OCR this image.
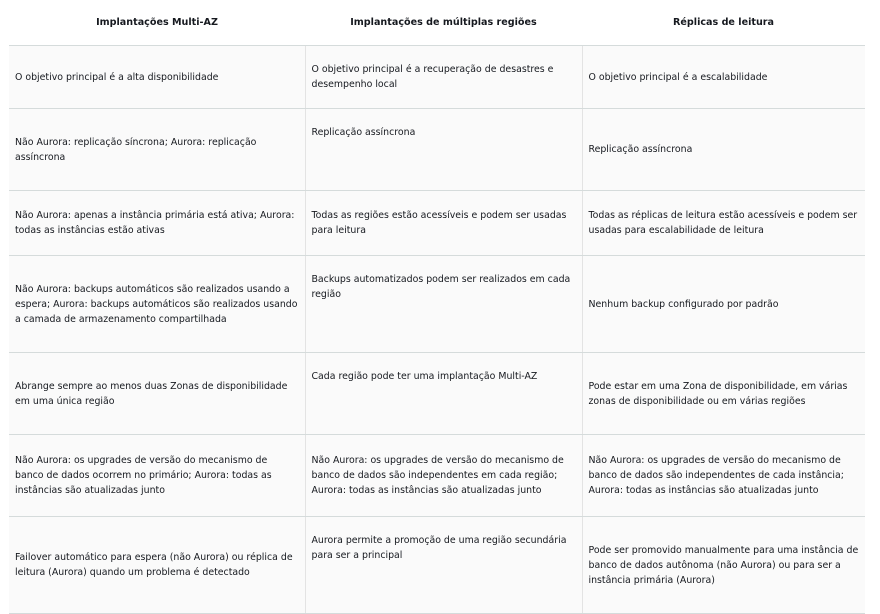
Implantações Multi-AZ	Implantações de múltiplas regiões	Réplicas de leitura
O objetivo principal é a alta disponibilidade	O objetivo principal é a recuperação de desastres e desempenho local	O objetivo principal é a escalabilidade
Não Aurora: replicação síncrona; Aurora: replicação assíncrona	Replicação assíncrona	Replicação assíncrona
Não Aurora: apenas a instância primária está ativa; Aurora: todas as instâncias estão ativas	Todas as regiões estão acessíveis e podem ser usadas para leitura	Todas as réplicas de leitura estão acessíveis e podem ser usadas para escalabilidade de leitura
Não Aurora: backups automáticos são realizados usando a espera; Aurora: backups automáticos são realizados usando a camada de armazenamento compartilhada	Backups automatizados podem ser realizados em cada região	Nenhum backup configurado por padrão
Abrange sempre ao menos duas Zonas de disponibilidade em uma única região	Cada região pode ter uma implantação Multi-AZ	Pode estar em uma Zona de disponibilidade, em várias zonas de disponibilidade ou em várias regiões
Não Aurora: os upgrades de versão do mecanismo de banco de dados ocorrem no primário; Aurora: todas as instâncias são atualizadas junto	Não Aurora: os upgrades de versão do mecanismo de banco de dados são independentes em cada região; Aurora: todas as instâncias são atualizadas junto	Não Aurora: os upgrades de versão do mecanismo de banco de dados são independentes de cada instância; Aurora: todas as instâncias são atualizadas junto
Failover automático para espera (não Aurora) ou réplica de leitura (Aurora) quando um problema é detectado	Aurora permite a promoção de uma região secundária para ser a principal	Pode ser promovido manualmente para uma instância de banco de dados autônoma (não Aurora) ou para ser a instância primária (Aurora)
